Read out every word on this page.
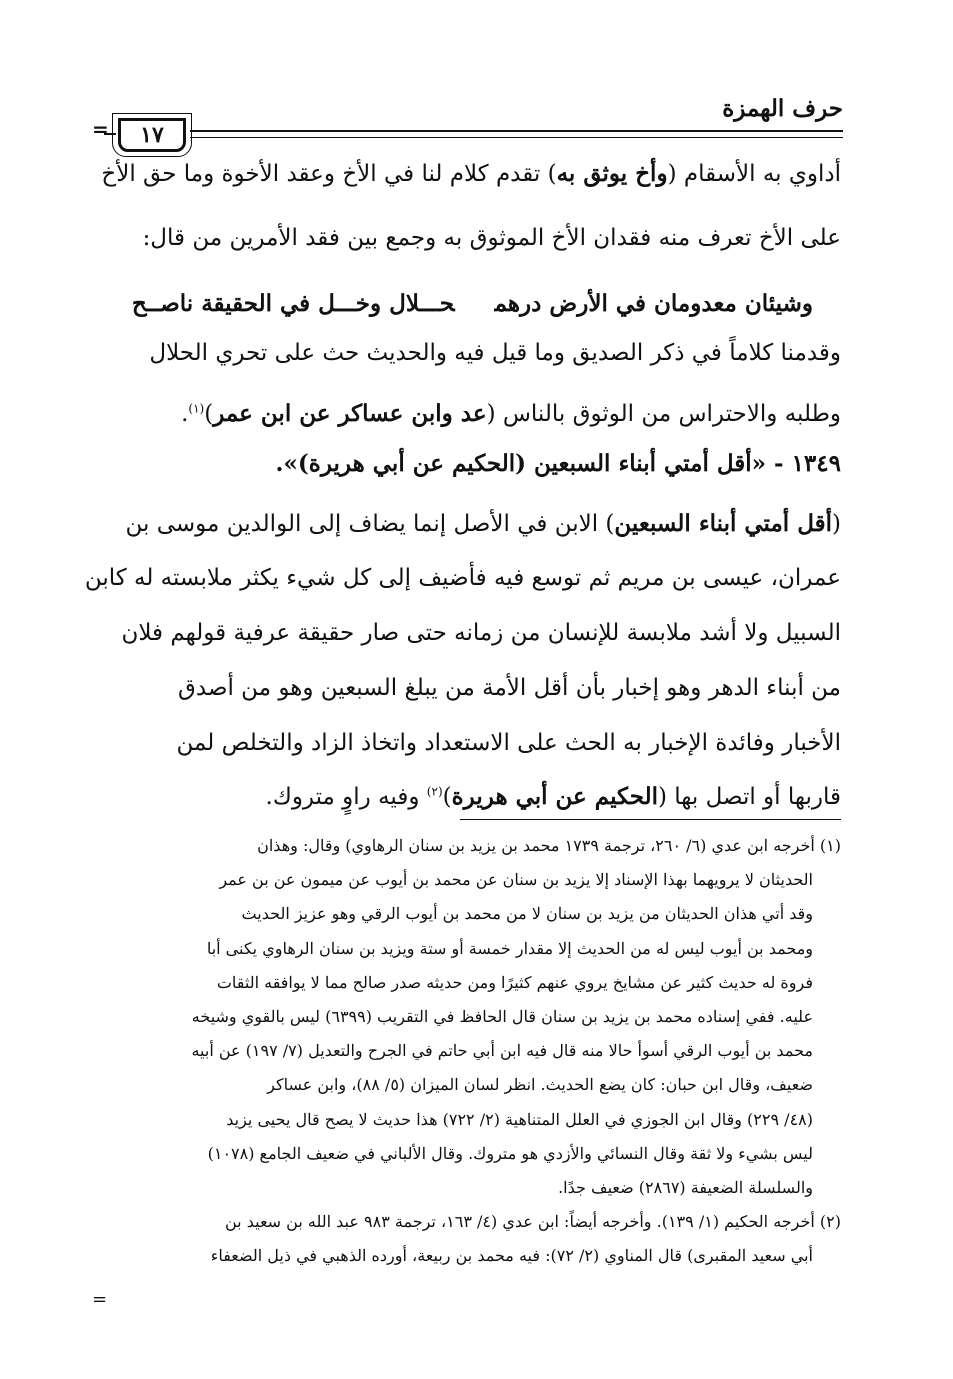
حرف الهمزة
١٧
=
أداوي به الأسقام (وأخ يوثق به) تقدم كلام لنا في الأخ وعقد الأخوة وما حق الأخ
على الأخ تعرف منه فقدان الأخ الموثوق به وجمع بين فقد الأمرين من قال:
وشيئان معدومان في الأرض درهمحـــلال وخـــل في الحقيقة ناصــح
وقدمنا كلاماً في ذكر الصديق وما قيل فيه والحديث حث على تحري الحلال
وطلبه والاحتراس من الوثوق بالناس (عد وابن عساكر عن ابن عمر)$^{(١)}$.
١٣٤٩ - «أقل أمتي أبناء السبعين (الحكيم عن أبي هريرة)».
(أقل أمتي أبناء السبعين) الابن في الأصل إنما يضاف إلى الوالدين موسى بن
عمران، عيسى بن مريم ثم توسع فيه فأضيف إلى كل شيء يكثر ملابسته له كابن
السبيل ولا أشد ملابسة للإنسان من زمانه حتى صار حقيقة عرفية قولهم فلان
من أبناء الدهر وهو إخبار بأن أقل الأمة من يبلغ السبعين وهو من أصدق
الأخبار وفائدة الإخبار به الحث على الاستعداد واتخاذ الزاد والتخلص لمن
قاربها أو اتصل بها (الحكيم عن أبي هريرة)$^{(٢)}$ وفيه راوٍ متروك.
(١) أخرجه ابن عدي (٦/ ٢٦٠، ترجمة ١٧٣٩ محمد بن يزيد بن سنان الرهاوي) وقال: وهذان
الحديثان لا يرويهما بهذا الإسناد إلا يزيد بن سنان عن محمد بن أيوب عن ميمون عن بن عمر
وقد أتي هذان الحديثان من يزيد بن سنان لا من محمد بن أيوب الرقي وهو عزيز الحديث
ومحمد بن أيوب ليس له من الحديث إلا مقدار خمسة أو ستة ويزيد بن سنان الرهاوي يكنى أبا
فروة له حديث كثير عن مشايخ يروي عنهم كثيرًا ومن حديثه صدر صالح مما لا يوافقه الثقات
عليه. ففي إسناده محمد بن يزيد بن سنان قال الحافظ في التقريب (٦٣٩٩) ليس بالقوي وشيخه
محمد بن أيوب الرقي أسوأ حالا منه قال فيه ابن أبي حاتم في الجرح والتعديل (٧/ ١٩٧) عن أبيه
ضعيف، وقال ابن حبان: كان يضع الحديث. انظر لسان الميزان (٥/ ٨٨)، وابن عساكر
(٤٨/ ٢٢٩) وقال ابن الجوزي في العلل المتناهية (٢/ ٧٢٢) هذا حديث لا يصح قال يحيى يزيد
ليس بشيء ولا ثقة وقال النسائي والأزدي هو متروك. وقال الألباني في ضعيف الجامع (١٠٧٨)
والسلسلة الضعيفة (٢٨٦٧) ضعيف جدًا.
(٢) أخرجه الحكيم (١/ ١٣٩). وأخرجه أيضاً: ابن عدي (٤/ ١٦٣، ترجمة ٩٨٣ عبد الله بن سعيد بن
أبي سعيد المقبرى) قال المناوي (٢/ ٧٢): فيه محمد بن ربيعة، أورده الذهبي في ذيل الضعفاء
=
